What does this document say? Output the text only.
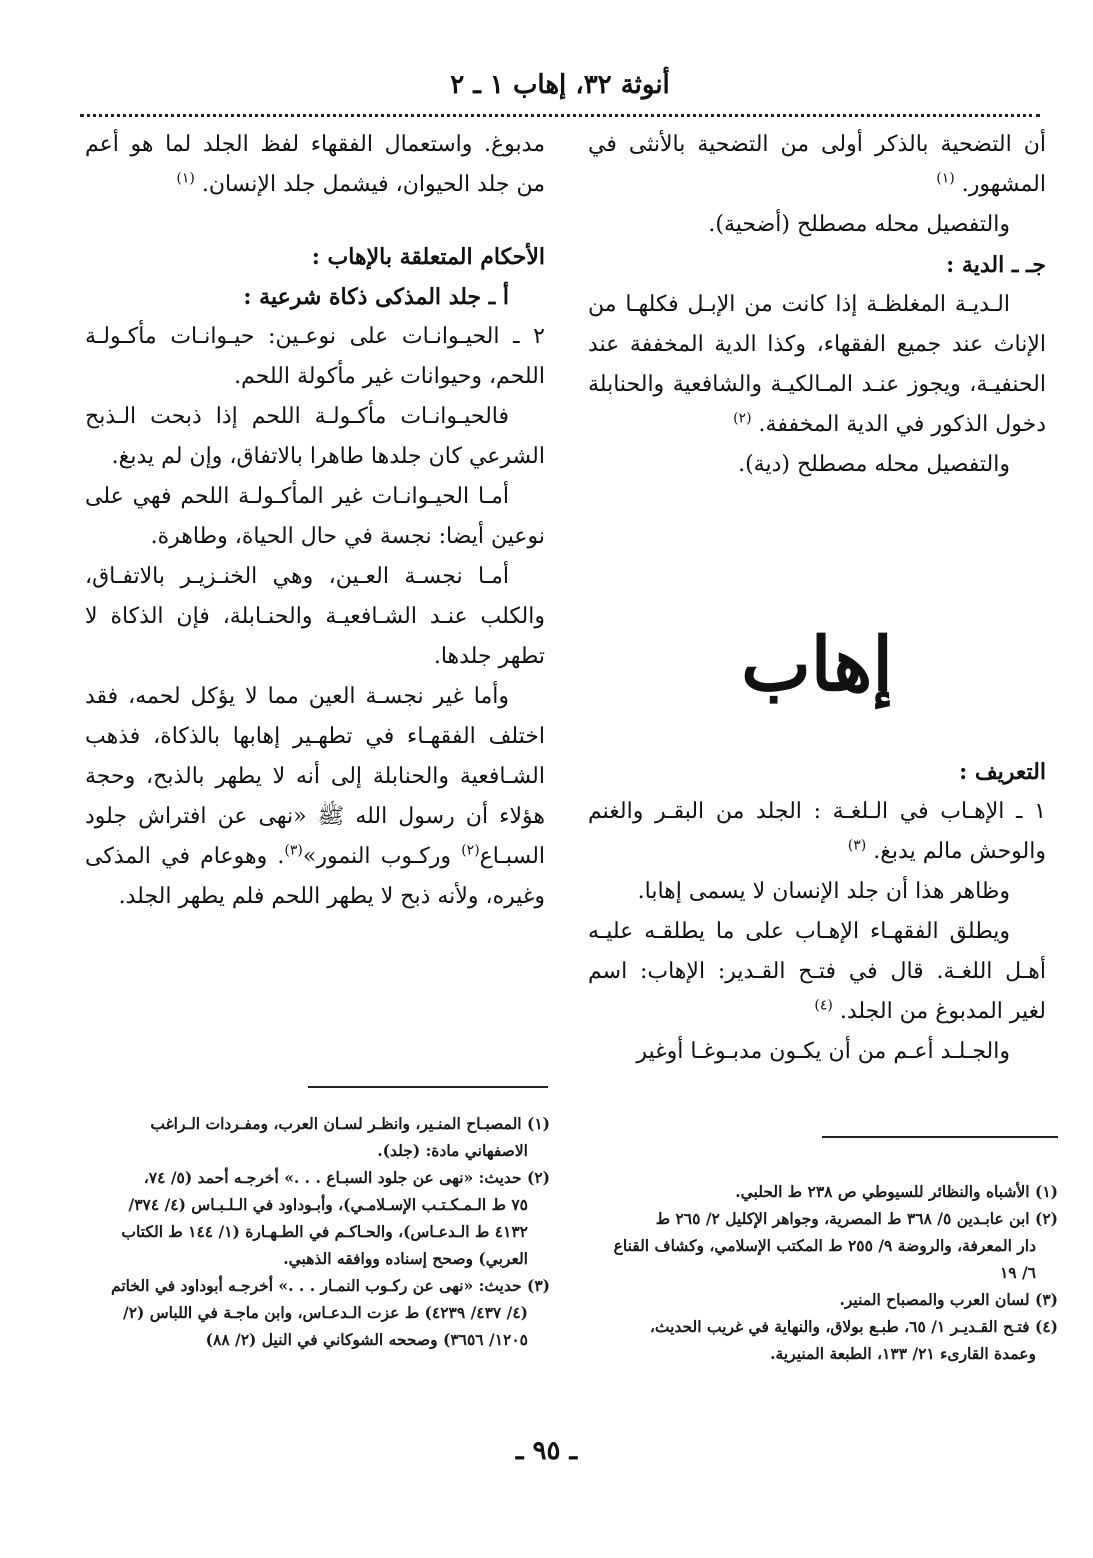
أنوثة ٣٢، إهاب ١ ـ ٢

أن التضحية بالذكر أولى من التضحية بالأنثى في المشهور. $^{(١)}$

والتفصيل محله مصطلح (أضحية).

جـ ـ الدية :

الـديـة المغلظـة إذا كانت من الإبـل فكلهـا من الإناث عند جميع الفقهاء، وكذا الدية المخففة عند الحنفيـة، ويجوز عنـد المـالكيـة والشافعية والحنابلة دخول الذكور في الدية المخففة. $^{(٢)}$

والتفصيل محله مصطلح (دية).

إهاب

التعريف :

١ ـ الإهـاب في الـلغـة : الجلد من البقـر والغنم والوحش مالم يدبغ. $^{(٣)}$

وظاهر هذا أن جلد الإنسان لا يسمى إهابا.

ويطلق الفقهـاء الإهـاب على ما يطلقـه عليـه أهـل اللغـة. قال في فتـح القـدير: الإهاب: اسم لغير المدبوغ من الجلد. $^{(٤)}$

والجـلـد أعـم من أن يكـون مدبـوغـا أوغير

مدبوغ. واستعمال الفقهاء لفظ الجلد لما هو أعم من جلد الحيوان، فيشمل جلد الإنسان. $^{(١)}$

الأحكام المتعلقة بالإهاب :

أ ـ جلد المذكى ذكاة شرعية :

٢ ـ الحيـوانـات على نوعـين: حيـوانـات مأكـولـة اللحم، وحيوانات غير مأكولة اللحم.

فالحيـوانـات مأكـولـة اللحم إذا ذبحت الـذبح الشرعي كان جلدها طاهرا بالاتفاق، وإن لم يدبغ.

أمـا الحيـوانـات غير المأكـولـة اللحم فهي على نوعين أيضا: نجسة في حال الحياة، وطاهرة.

أمـا نجسـة العـين، وهي الخنـزيـر بالاتفـاق، والكلب عنـد الشـافعيـة والحنـابلة، فإن الذكاة لا تطهر جلدها.

وأما غير نجسـة العين مما لا يؤكل لحمه، فقد اختلف الفقهـاء في تطهـير إهابها بالذكاة، فذهب الشـافعية والحنابلة إلى أنه لا يطهر بالذبح، وحجة هؤلاء أن رسول الله ﷺ «نهى عن افتراش جلود السبـاع$^{(٢)}$ وركـوب النمور»$^{(٣)}$. وهوعام في المذكى وغيره، ولأنه ذبح لا يطهر اللحم فلم يطهر الجلد.

(١) المصبـاح المنـير، وانظـر لسـان العرب، ومفـردات الـراغب

الاصفهاني مادة: (جلد).

(٢) حديث: «نهى عن جلود السبـاع . . .» أخرجـه أحمد (٥/ ٧٤،

٧٥ ط الـمـكـتـب الإسـلامـي)، وأبـوداود في الـلـبـاس (٤/ ٣٧٤/ ٤١٣٢ ط الـدعـاس)، والحـاكـم في الطـهـارة (١/ ١٤٤ ط الكتاب العربي) وصحح إسناده ووافقه الذهبي.

(٣) حديث: «نهى عن ركـوب النمـار . . .» أخرجـه أبوداود في الخاتم

(٤/ ٤٣٧/ ٤٢٣٩) ط عزت الـدعـاس، وابن ماجـة في اللباس (٢/ ١٢٠٥/ ٣٦٥٦) وصححه الشوكاني في النيل (٢/ ٨٨)

(١) الأشباه والنظائر للسيوطي ص ٢٣٨ ط الحلبي.

(٢) ابن عابـدين ٥/ ٣٦٨ ط المصرية، وجواهر الإكليل ٢/ ٢٦٥ ط

دار المعرفة، والروضة ٩/ ٢٥٥ ط المكتب الإسلامي، وكشاف القناع ٦/ ١٩

(٣) لسان العرب والمصباح المنير.

(٤) فتـح القـديـر ١/ ٦٥، طبـع بولاق، والنهاية في غريب الحديث،

وعمدة القارىء ٢١/ ١٣٣، الطبعة المنيرية.

ـ ٩٥ ـ
